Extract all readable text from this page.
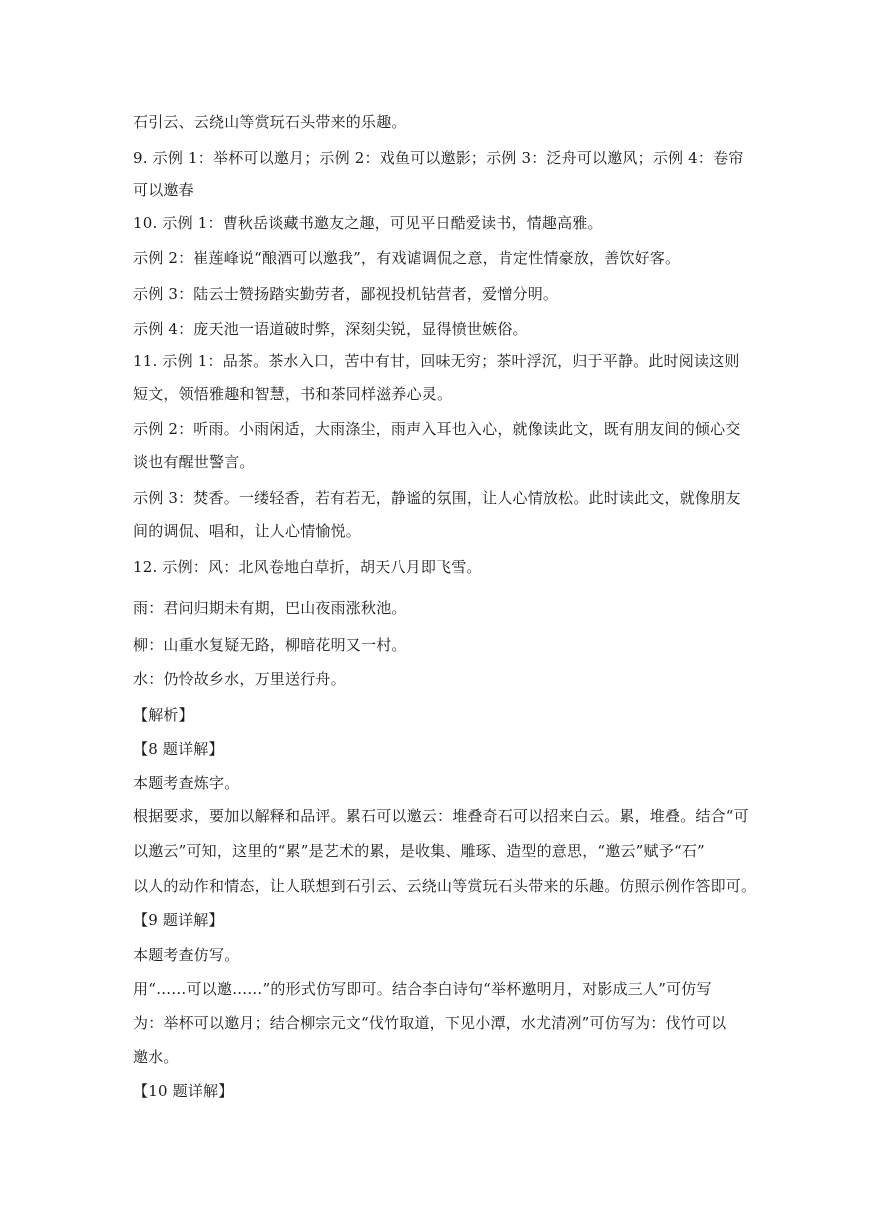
石引云、云绕山等赏玩石头带来的乐趣。
9. 示例 1：举杯可以邀月；示例 2：戏鱼可以邀影；示例 3：泛舟可以邀风；示例 4：卷帘
可以邀春
10. 示例 1：曹秋岳谈藏书邀友之趣，可见平日酷爱读书，情趣高雅。
示例 2：崔莲峰说“酿酒可以邀我”，有戏谑调侃之意，肯定性情豪放，善饮好客。
示例 3：陆云士赞扬踏实勤劳者，鄙视投机钻营者，爱憎分明。
示例 4：庞天池一语道破时弊，深刻尖锐，显得愤世嫉俗。
11. 示例 1：品茶。茶水入口，苦中有甘，回味无穷；茶叶浮沉，归于平静。此时阅读这则
短文，领悟雅趣和智慧，书和茶同样滋养心灵。
示例 2：听雨。小雨闲适，大雨涤尘，雨声入耳也入心，就像读此文，既有朋友间的倾心交
谈也有醒世警言。
示例 3：焚香。一缕轻香，若有若无，静谧的氛围，让人心情放松。此时读此文，就像朋友
间的调侃、唱和，让人心情愉悦。
12. 示例：风：北风卷地白草折，胡天八月即飞雪。
雨：君问归期未有期，巴山夜雨涨秋池。
柳：山重水复疑无路，柳暗花明又一村。
水：仍怜故乡水，万里送行舟。
【解析】
【8 题详解】
本题考查炼字。
根据要求，要加以解释和品评。累石可以邀云：堆叠奇石可以招来白云。累，堆叠。结合“可
以邀云”可知，这里的“累”是艺术的累，是收集、雕琢、造型的意思，“邀云”赋予“石”
以人的动作和情态，让人联想到石引云、云绕山等赏玩石头带来的乐趣。仿照示例作答即可。
【9 题详解】
本题考查仿写。
用“……可以邀……”的形式仿写即可。结合李白诗句“举杯邀明月，对影成三人”可仿写
为：举杯可以邀月；结合柳宗元文“伐竹取道，下见小潭，水尤清冽”可仿写为：伐竹可以
邀水。
【10 题详解】
